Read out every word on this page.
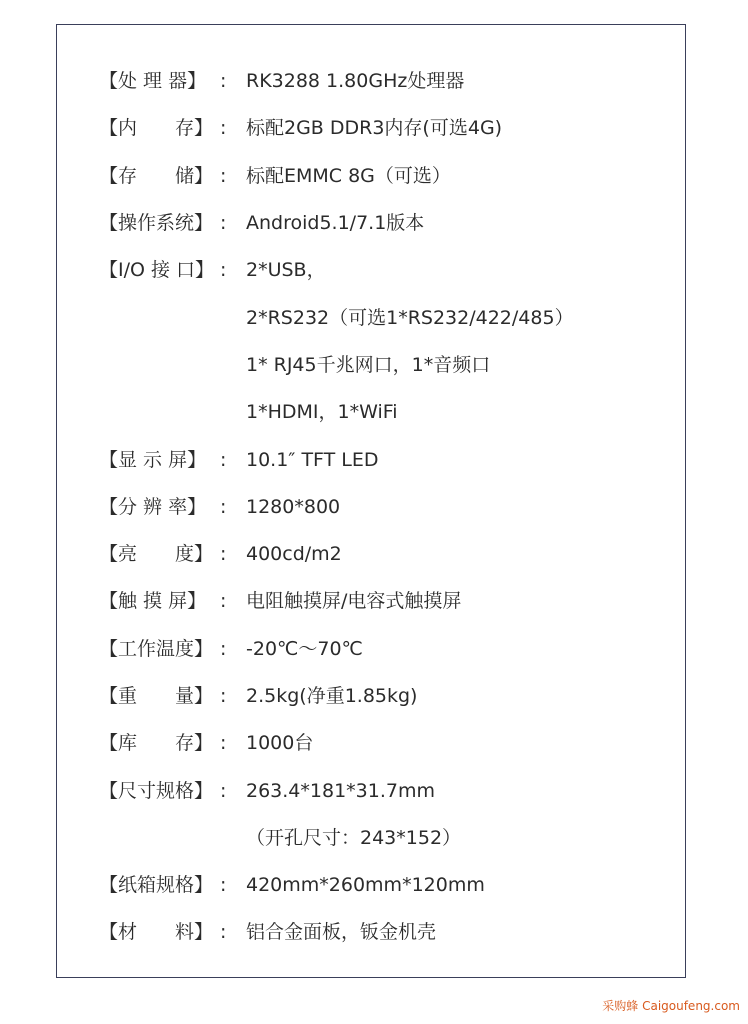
【处 理 器】 :	RK3288 1.80GHz处理器
【内　　存】 :	标配2GB DDR3内存(可选4G)
【存　　储】 :	标配EMMC 8G（可选）
【操作系统】 :	Android5.1/7.1版本
【I/O 接 口】 :	2*USB，
2*RS232（可选1*RS232/422/485）
1* RJ45千兆网口，1*音频口
1*HDMI，1*WiFi
【显 示 屏】 :	10.1″ TFT LED
【分 辨 率】 :	1280*800
【亮　　度】 :	400cd/m2
【触 摸 屏】 :	电阻触摸屏/电容式触摸屏
【工作温度】 :	-20℃～70℃
【重　　量】 :	2.5kg(净重1.85kg)
【库　　存】 :	1000台
【尺寸规格】 :	263.4*181*31.7mm
（开孔尺寸：243*152）
【纸箱规格】 :	420mm*260mm*120mm
【材　　料】 :	铝合金面板，钣金机壳
采购蜂 Caigoufeng.com
